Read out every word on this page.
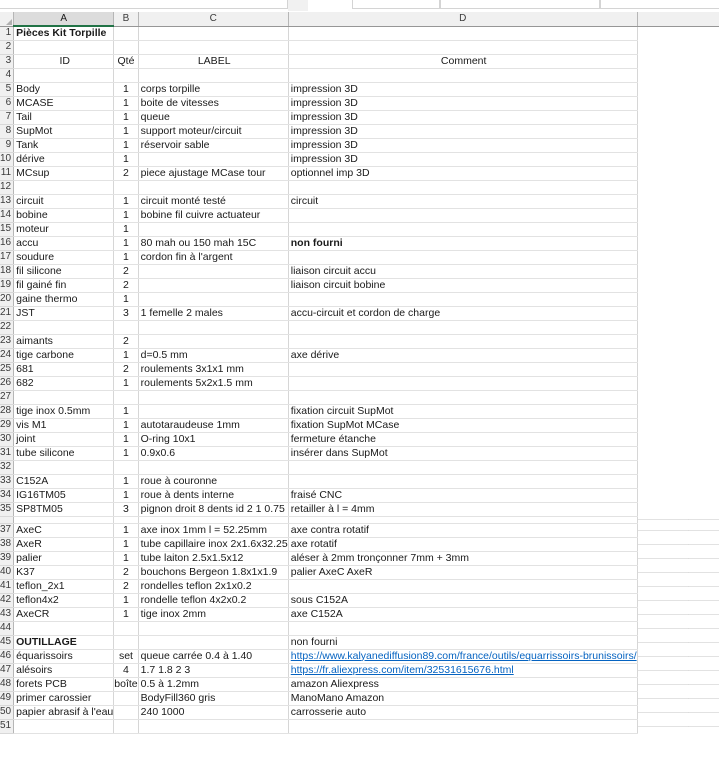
	A	B	C	D	
1	Pièces Kit Torpille				
2					
3	ID	Qté	LABEL	Comment	
4					
5	Body	1	corps torpille	impression 3D	
6	MCASE	1	boite de vitesses	impression 3D	
7	Tail	1	queue	impression 3D	
8	SupMot	1	support moteur/circuit	impression 3D	
9	Tank	1	réservoir sable	impression 3D	
10	dérive	1		impression 3D	
11	MCsup	2	piece ajustage MCase tour	optionnel imp 3D	
12					
13	circuit	1	circuit monté testé	circuit	
14	bobine	1	bobine fil cuivre actuateur		
15	moteur	1			
16	accu	1	80 mah ou 150 mah 15C	non fourni	
17	soudure	1	cordon fin à l'argent		
18	fil silicone	2		liaison circuit accu	
19	fil gainé fin	2		liaison circuit bobine	
20	gaine thermo	1			
21	JST	3	1 femelle 2 males	accu-circuit et cordon de charge	
22					
23	aimants	2			
24	tige carbone	1	d=0.5 mm	axe dérive	
25	681	2	roulements 3x1x1 mm		
26	682	1	roulements 5x2x1.5 mm		
27					
28	tige inox 0.5mm	1		fixation circuit SupMot	
29	vis M1	1	autotaraudeuse 1mm	fixation SupMot MCase	
30	joint	1	O-ring 10x1	fermeture étanche	
31	tube silicone	1	0.9x0.6	insérer dans SupMot	
32					
33	C152A	1	roue à couronne		
34	IG16TM05	1	roue à dents interne	fraisé CNC	
35	SP8TM05	3	pignon droit 8 dents id 2 1 0.75	retailler à l = 4mm	

37	AxeC	1	axe inox 1mm l = 52.25mm	axe contra rotatif	

38	AxeR	1	tube capillaire inox 2x1.6x32.25	axe rotatif	

39	palier	1	tube laiton 2.5x1.5x12	aléser à 2mm tronçonner 7mm + 3mm	

40	K37	2	bouchons Bergeon 1.8x1x1.9	palier AxeC AxeR	

41	teflon_2x1	2	rondelles teflon 2x1x0.2		

42	teflon4x2	1	rondelle teflon 4x2x0.2	sous C152A	

43	AxeCR	1	tige inox 2mm	axe C152A	

44					

45	OUTILLAGE			non fourni	

46	équarissoirs	set	queue carrée 0.4 à 1.40	https://www.kalyanediffusion89.com/france/outils/equarrissoirs-brunissoirs/	

47	alésoirs	4	1.7 1.8 2 3	https://fr.aliexpress.com/item/32531615676.html	

48	forets PCB	boîte	0.5 à 1.2mm	amazon Aliexpress	

49	primer carossier		BodyFill360 gris	ManoMano Amazon	

50	papier abrasif à l'eau		240 1000	carrosserie auto	

51					
